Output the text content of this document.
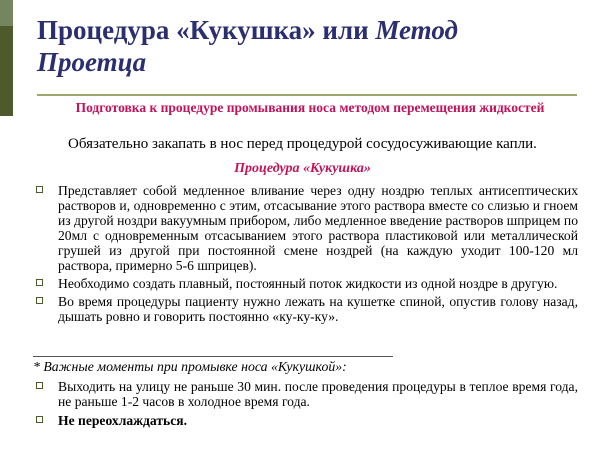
Процедура «Кукушка» или Метод
Проетца
Подготовка к процедуре промывания носа методом перемещения жидкостей
Обязательно закапать в нос перед процедурой сосудосуживающие капли.
Процедура «Кукушка»
Представляет собой медленное вливание через одну ноздрю теплых антисептических растворов и, одновременно с этим, отсасывание этого раствора вместе со слизью и гноем из другой ноздри вакуумным прибором, либо медленное введение растворов шприцем по 20мл с одновременным отсасыванием этого раствора пластиковой или металлической грушей из другой при постоянной смене ноздрей (на каждую уходит 100-120 мл раствора, примерно 5-6 шприцев).
Необходимо создать плавный, постоянный поток жидкости из одной ноздре в другую.
Во время процедуры пациенту нужно лежать на кушетке спиной, опустив голову назад, дышать ровно и говорить постоянно «ку-ку-ку».
* Важные моменты при промывке носа «Кукушкой»:
Выходить на улицу не раньше 30 мин. после проведения процедуры в теплое время года, не раньше 1-2 часов в холодное время года.
Не переохлаждаться.
